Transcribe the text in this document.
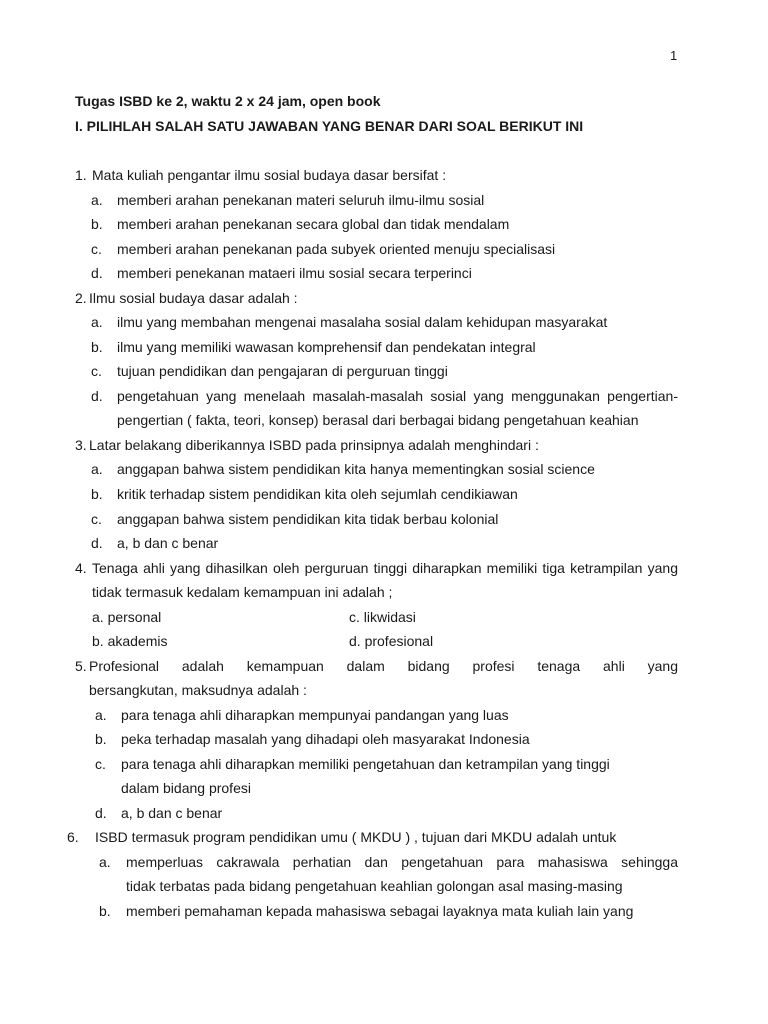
1
Tugas ISBD ke 2, waktu 2 x 24 jam, open book
I. PILIHLAH SALAH SATU JAWABAN YANG BENAR DARI SOAL BERIKUT INI
1. Mata kuliah pengantar ilmu sosial budaya dasar bersifat :
a. memberi arahan penekanan materi seluruh ilmu-ilmu sosial
b. memberi arahan penekanan secara global dan tidak mendalam
c. memberi arahan penekanan pada subyek oriented menuju specialisasi
d. memberi penekanan mataeri ilmu sosial secara terperinci
2. Ilmu sosial budaya dasar adalah :
a. ilmu yang membahan mengenai masalaha sosial dalam kehidupan masyarakat
b. ilmu yang memiliki wawasan komprehensif dan pendekatan integral
c. tujuan pendidikan dan pengajaran di perguruan tinggi
d. pengetahuan yang menelaah masalah-masalah sosial yang menggunakan pengertian-
pengertian ( fakta, teori, konsep) berasal dari berbagai bidang pengetahuan keahian
3. Latar belakang diberikannya ISBD pada prinsipnya adalah menghindari :
a. anggapan bahwa sistem pendidikan kita hanya mementingkan sosial science
b. kritik terhadap sistem pendidikan kita oleh sejumlah cendikiawan
c. anggapan bahwa sistem pendidikan kita tidak berbau kolonial
d. a, b dan c benar
4. Tenaga ahli yang dihasilkan oleh perguruan tinggi diharapkan memiliki tiga ketrampilan yang
tidak termasuk kedalam kemampuan ini adalah ;
a. personal	c. likwidasi
b. akademis	d. profesional
5. Profesional adalah kemampuan dalam bidang profesi tenaga ahli yang
bersangkutan, maksudnya adalah :
a. para tenaga ahli diharapkan mempunyai pandangan yang luas
b. peka terhadap masalah yang dihadapi oleh masyarakat Indonesia
c. para tenaga ahli diharapkan memiliki pengetahuan dan ketrampilan yang tinggi
dalam bidang profesi
d. a, b dan c benar
6. ISBD termasuk program pendidikan umu ( MKDU ) , tujuan dari MKDU adalah untuk
a. memperluas cakrawala perhatian dan pengetahuan para mahasiswa sehingga
tidak terbatas pada bidang pengetahuan keahlian golongan asal masing-masing
b. memberi pemahaman kepada mahasiswa sebagai layaknya mata kuliah lain yang
